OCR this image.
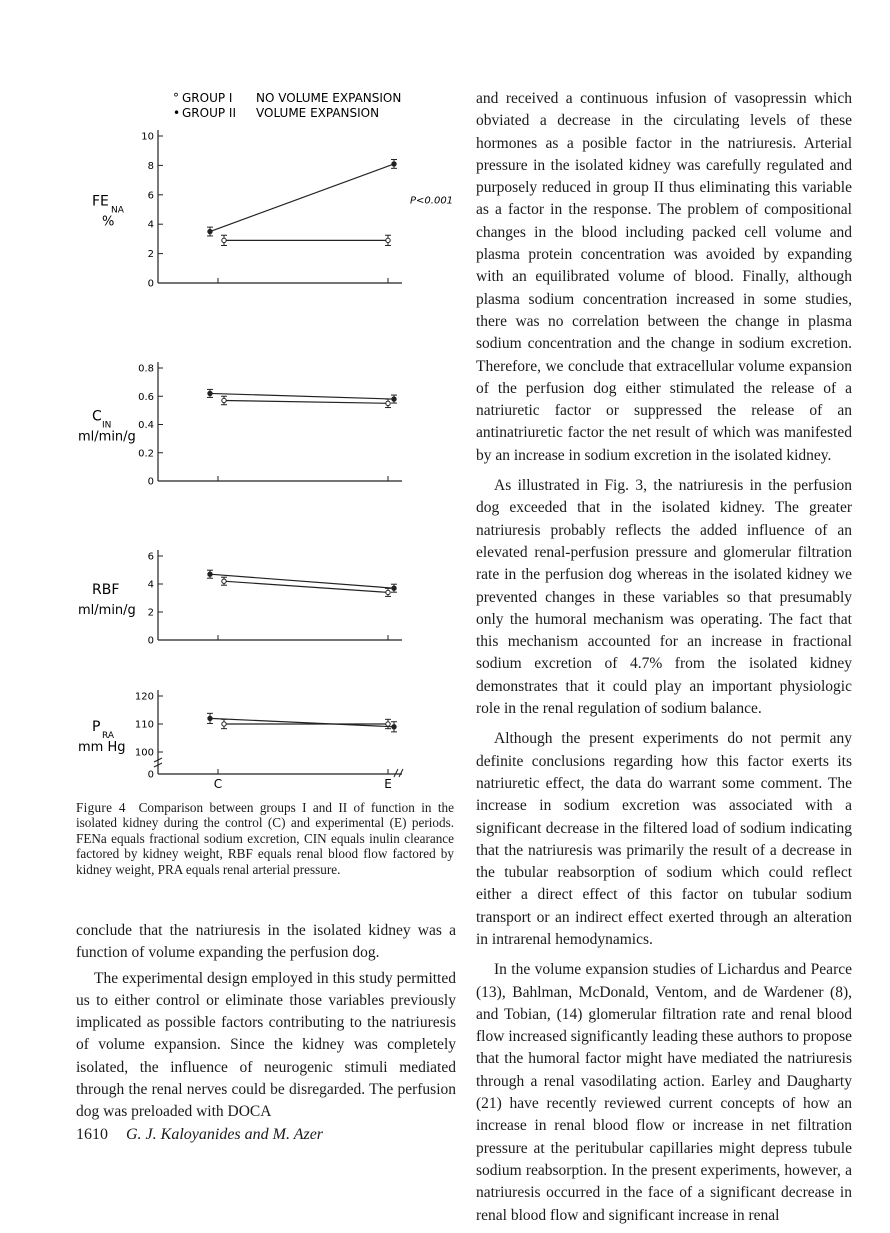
° GROUP I NO VOLUME EXPANSION
• GROUP II VOLUME EXPANSION
10
8
6
4
2
0
FE
NA
%
P<0.001
0.8
0.6
0.4
0.2
0
C
IN
ml/min/g
6
4
2
0
RBF
ml/min/g
120
110
100
0
P
RA
mm Hg
C	E

Figure 4 Comparison between groups I and II of function in the isolated kidney during the control (C) and experimental (E) periods. FENa equals fractional sodium excretion, CIN equals inulin clearance factored by kidney weight, RBF equals renal blood flow factored by kidney weight, PRA equals renal arterial pressure.

conclude that the natriuresis in the isolated kidney was a function of volume expanding the perfusion dog.

The experimental design employed in this study permitted us to either control or eliminate those variables previously implicated as possible factors contributing to the natriuresis of volume expansion. Since the kidney was completely isolated, the influence of neurogenic stimuli mediated through the renal nerves could be disregarded. The perfusion dog was preloaded with DOCA

and received a continuous infusion of vasopressin which obviated a decrease in the circulating levels of these hormones as a posible factor in the natriuresis. Arterial pressure in the isolated kidney was carefully regulated and purposely reduced in group II thus eliminating this variable as a factor in the response. The problem of compositional changes in the blood including packed cell volume and plasma protein concentration was avoided by expanding with an equilibrated volume of blood. Finally, although plasma sodium concentration increased in some studies, there was no correlation between the change in plasma sodium concentration and the change in sodium excretion. Therefore, we conclude that extracellular volume expansion of the perfusion dog either stimulated the release of a natriuretic factor or suppressed the release of an antinatriuretic factor the net result of which was manifested by an increase in sodium excretion in the isolated kidney.

As illustrated in Fig. 3, the natriuresis in the perfusion dog exceeded that in the isolated kidney. The greater natriuresis probably reflects the added influence of an elevated renal-perfusion pressure and glomerular filtration rate in the perfusion dog whereas in the isolated kidney we prevented changes in these variables so that presumably only the humoral mechanism was operating. The fact that this mechanism accounted for an increase in fractional sodium excretion of 4.7% from the isolated kidney demonstrates that it could play an important physiologic role in the renal regulation of sodium balance.

Although the present experiments do not permit any definite conclusions regarding how this factor exerts its natriuretic effect, the data do warrant some comment. The increase in sodium excretion was associated with a significant decrease in the filtered load of sodium indicating that the natriuresis was primarily the result of a decrease in the tubular reabsorption of sodium which could reflect either a direct effect of this factor on tubular sodium transport or an indirect effect exerted through an alteration in intrarenal hemodynamics.

In the volume expansion studies of Lichardus and Pearce (13), Bahlman, McDonald, Ventom, and de Wardener (8), and Tobian, (14) glomerular filtration rate and renal blood flow increased significantly leading these authors to propose that the humoral factor might have mediated the natriuresis through a renal vasodilating action. Earley and Daugharty (21) have recently reviewed current concepts of how an increase in renal blood flow or increase in net filtration pressure at the peritubular capillaries might depress tubule sodium reabsorption. In the present experiments, however, a natriuresis occurred in the face of a significant decrease in renal blood flow and significant increase in renal

1610 G. J. Kaloyanides and M. Azer
